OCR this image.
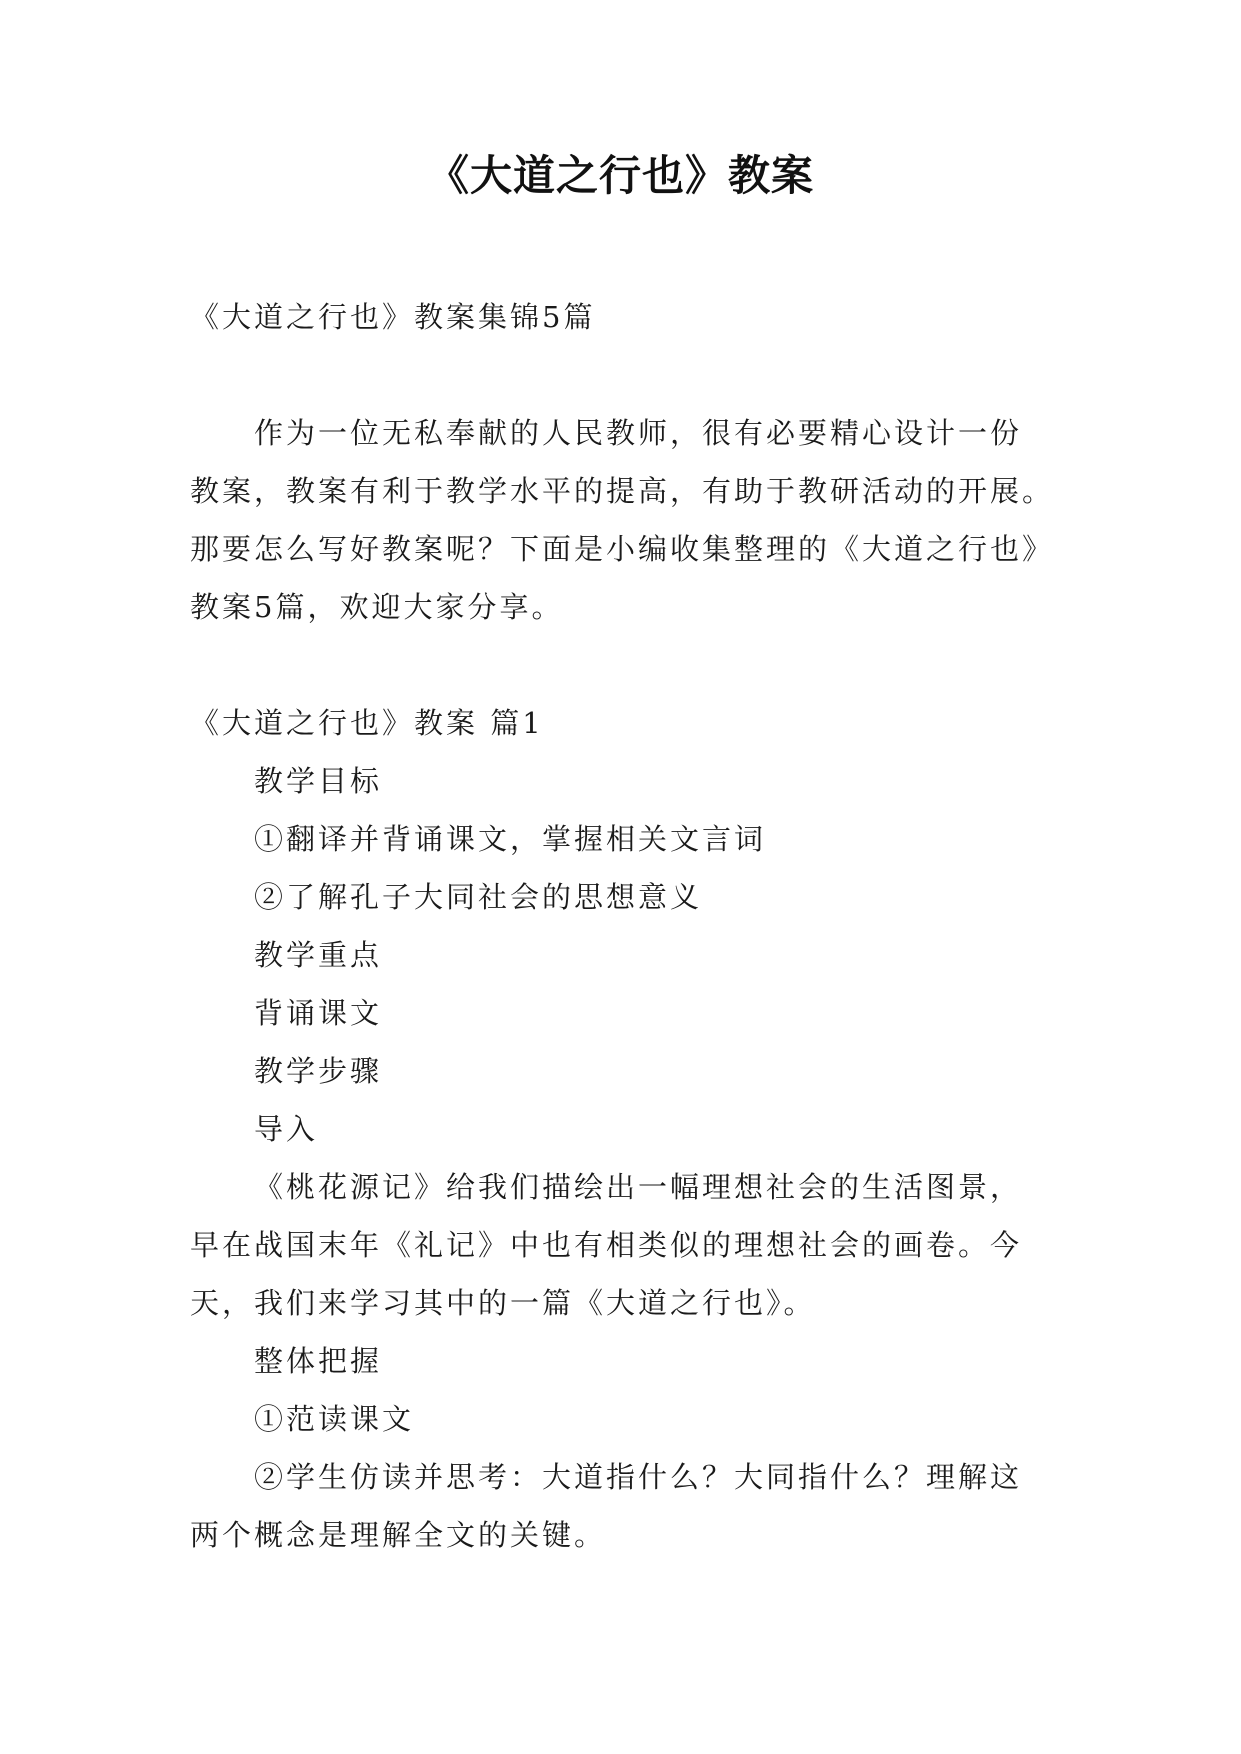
《大道之行也》教案
《大道之行也》教案集锦5篇
作为一位无私奉献的人民教师，很有必要精心设计一份
教案，教案有利于教学水平的提高，有助于教研活动的开展。
那要怎么写好教案呢？下面是小编收集整理的《大道之行也》
教案5篇，欢迎大家分享。
《大道之行也》教案 篇1
教学目标
①翻译并背诵课文，掌握相关文言词
②了解孔子大同社会的思想意义
教学重点
背诵课文
教学步骤
导入
《桃花源记》给我们描绘出一幅理想社会的生活图景，
早在战国末年《礼记》中也有相类似的理想社会的画卷。今
天，我们来学习其中的一篇《大道之行也》。
整体把握
①范读课文
②学生仿读并思考：大道指什么？大同指什么？理解这
两个概念是理解全文的关键。
